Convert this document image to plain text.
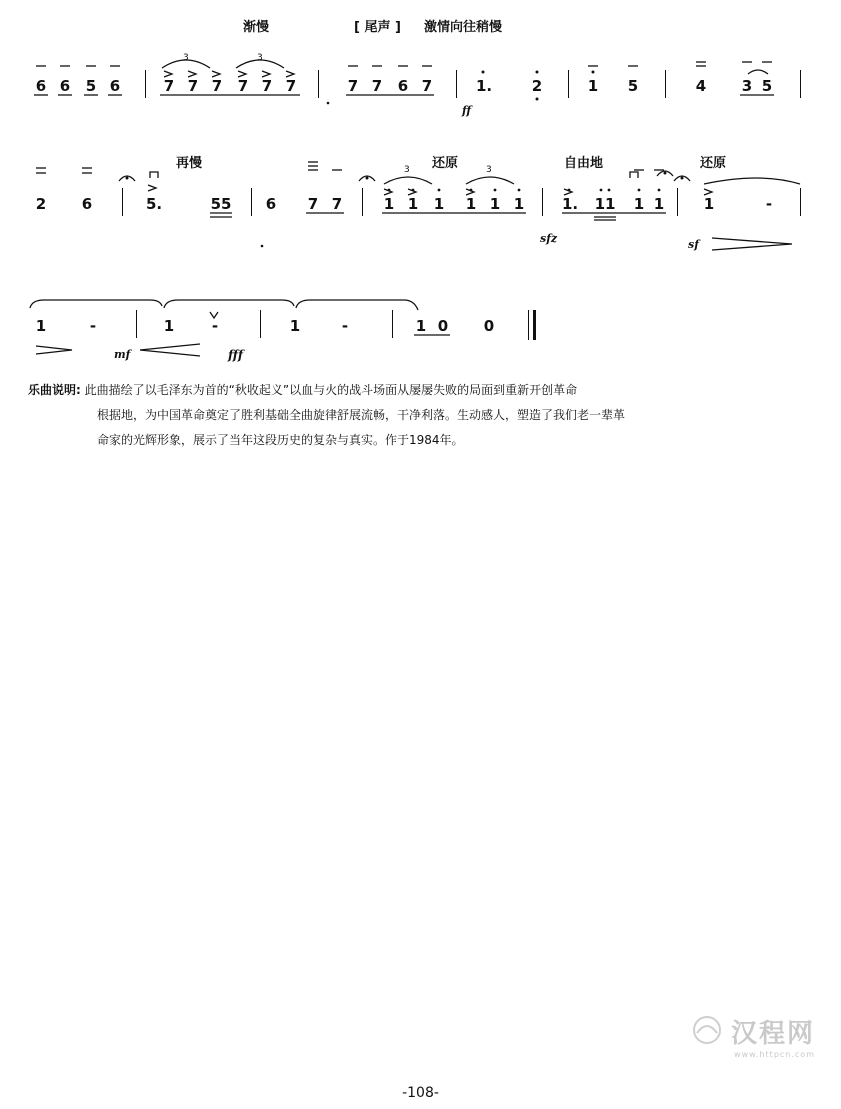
渐慢	[ 尾声 ] 激情向往稍慢
6 6 5 6	7 7 7 7 7 7	7 7 6 7	1.	2	1 5	4 3 5
ff
3	3
再慢	还原	自由地	还原
2 6	5.	55 6 7 7	1 1 1 1 1 1	1.	11 1 1	1	-
sfz	sf
3	3
1	-	1	-	1	-	1 0 0
mf	fff
乐曲说明: 此曲描绘了以毛泽东为首的“秋收起义”以血与火的战斗场面从屡屡失败的局面到重新开创革命
根据地，为中国革命奠定了胜利基础全曲旋律舒展流畅，干净利落。生动感人，塑造了我们老一辈革
命家的光辉形象，展示了当年这段历史的复杂与真实。作于1984年。
汉程网
www.httpcn.com
-108-
